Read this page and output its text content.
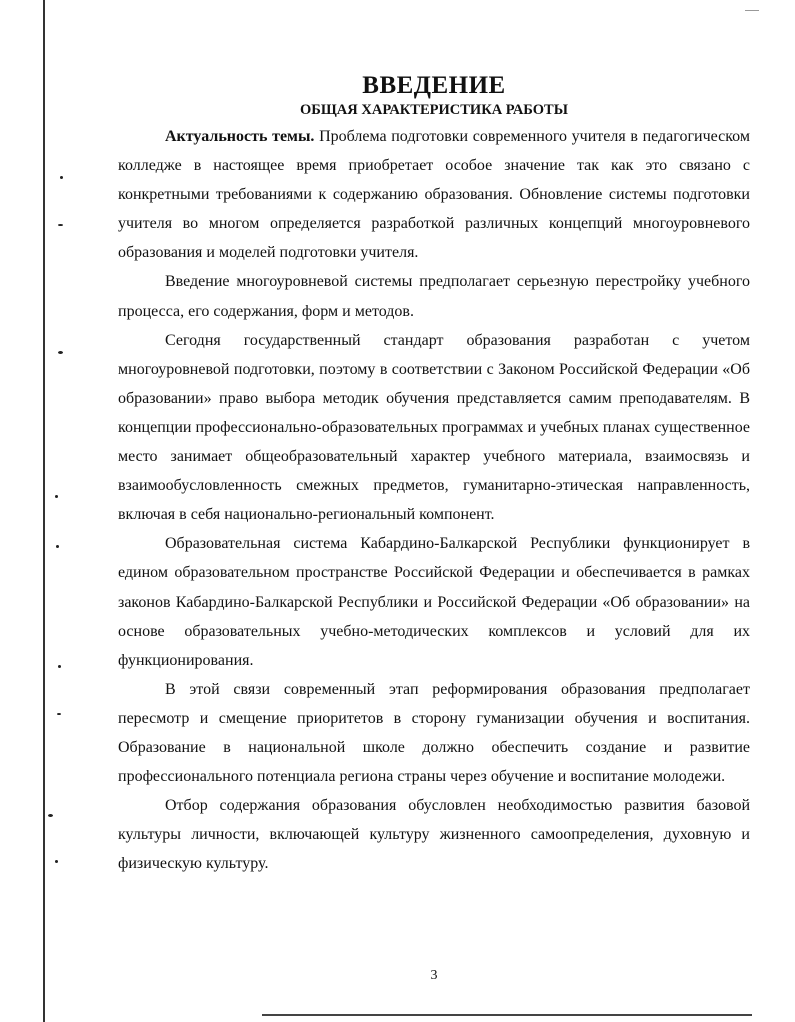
ВВЕДЕНИЕ
ОБЩАЯ ХАРАКТЕРИСТИКА РАБОТЫ

Актуальность темы. Проблема подготовки современного учителя в педагогическом колледже в настоящее время приобретает особое значение так как это связано с конкретными требованиями к содержанию образования. Обновление системы подготовки учителя во многом определяется разработкой различных концепций многоуровневого образования и моделей подготовки учителя.

Введение многоуровневой системы предполагает серьезную перестройку учебного процесса, его содержания, форм и методов.

Сегодня государственный стандарт образования разработан с учетом многоуровневой подготовки, поэтому в соответствии с Законом Российской Федерации «Об образовании» право выбора методик обучения представляется самим преподавателям. В концепции профессионально-образовательных программах и учебных планах существенное место занимает общеобразовательный характер учебного материала, взаимосвязь и взаимообусловленность смежных предметов, гуманитарно-этическая направленность, включая в себя национально-региональный компонент.

Образовательная система Кабардино-Балкарской Республики функционирует в едином образовательном пространстве Российской Федерации и обеспечивается в рамках законов Кабардино-Балкарской Республики и Российской Федерации «Об образовании» на основе образовательных учебно-методических комплексов и условий для их функционирования.

В этой связи современный этап реформирования образования предполагает пересмотр и смещение приоритетов в сторону гуманизации обучения и воспитания. Образование в национальной школе должно обеспечить создание и развитие профессионального потенциала региона страны через обучение и воспитание молодежи.

Отбор содержания образования обусловлен необходимостью развития базовой культуры личности, включающей культуру жизненного самоопределения, духовную и физическую культуру.

3
